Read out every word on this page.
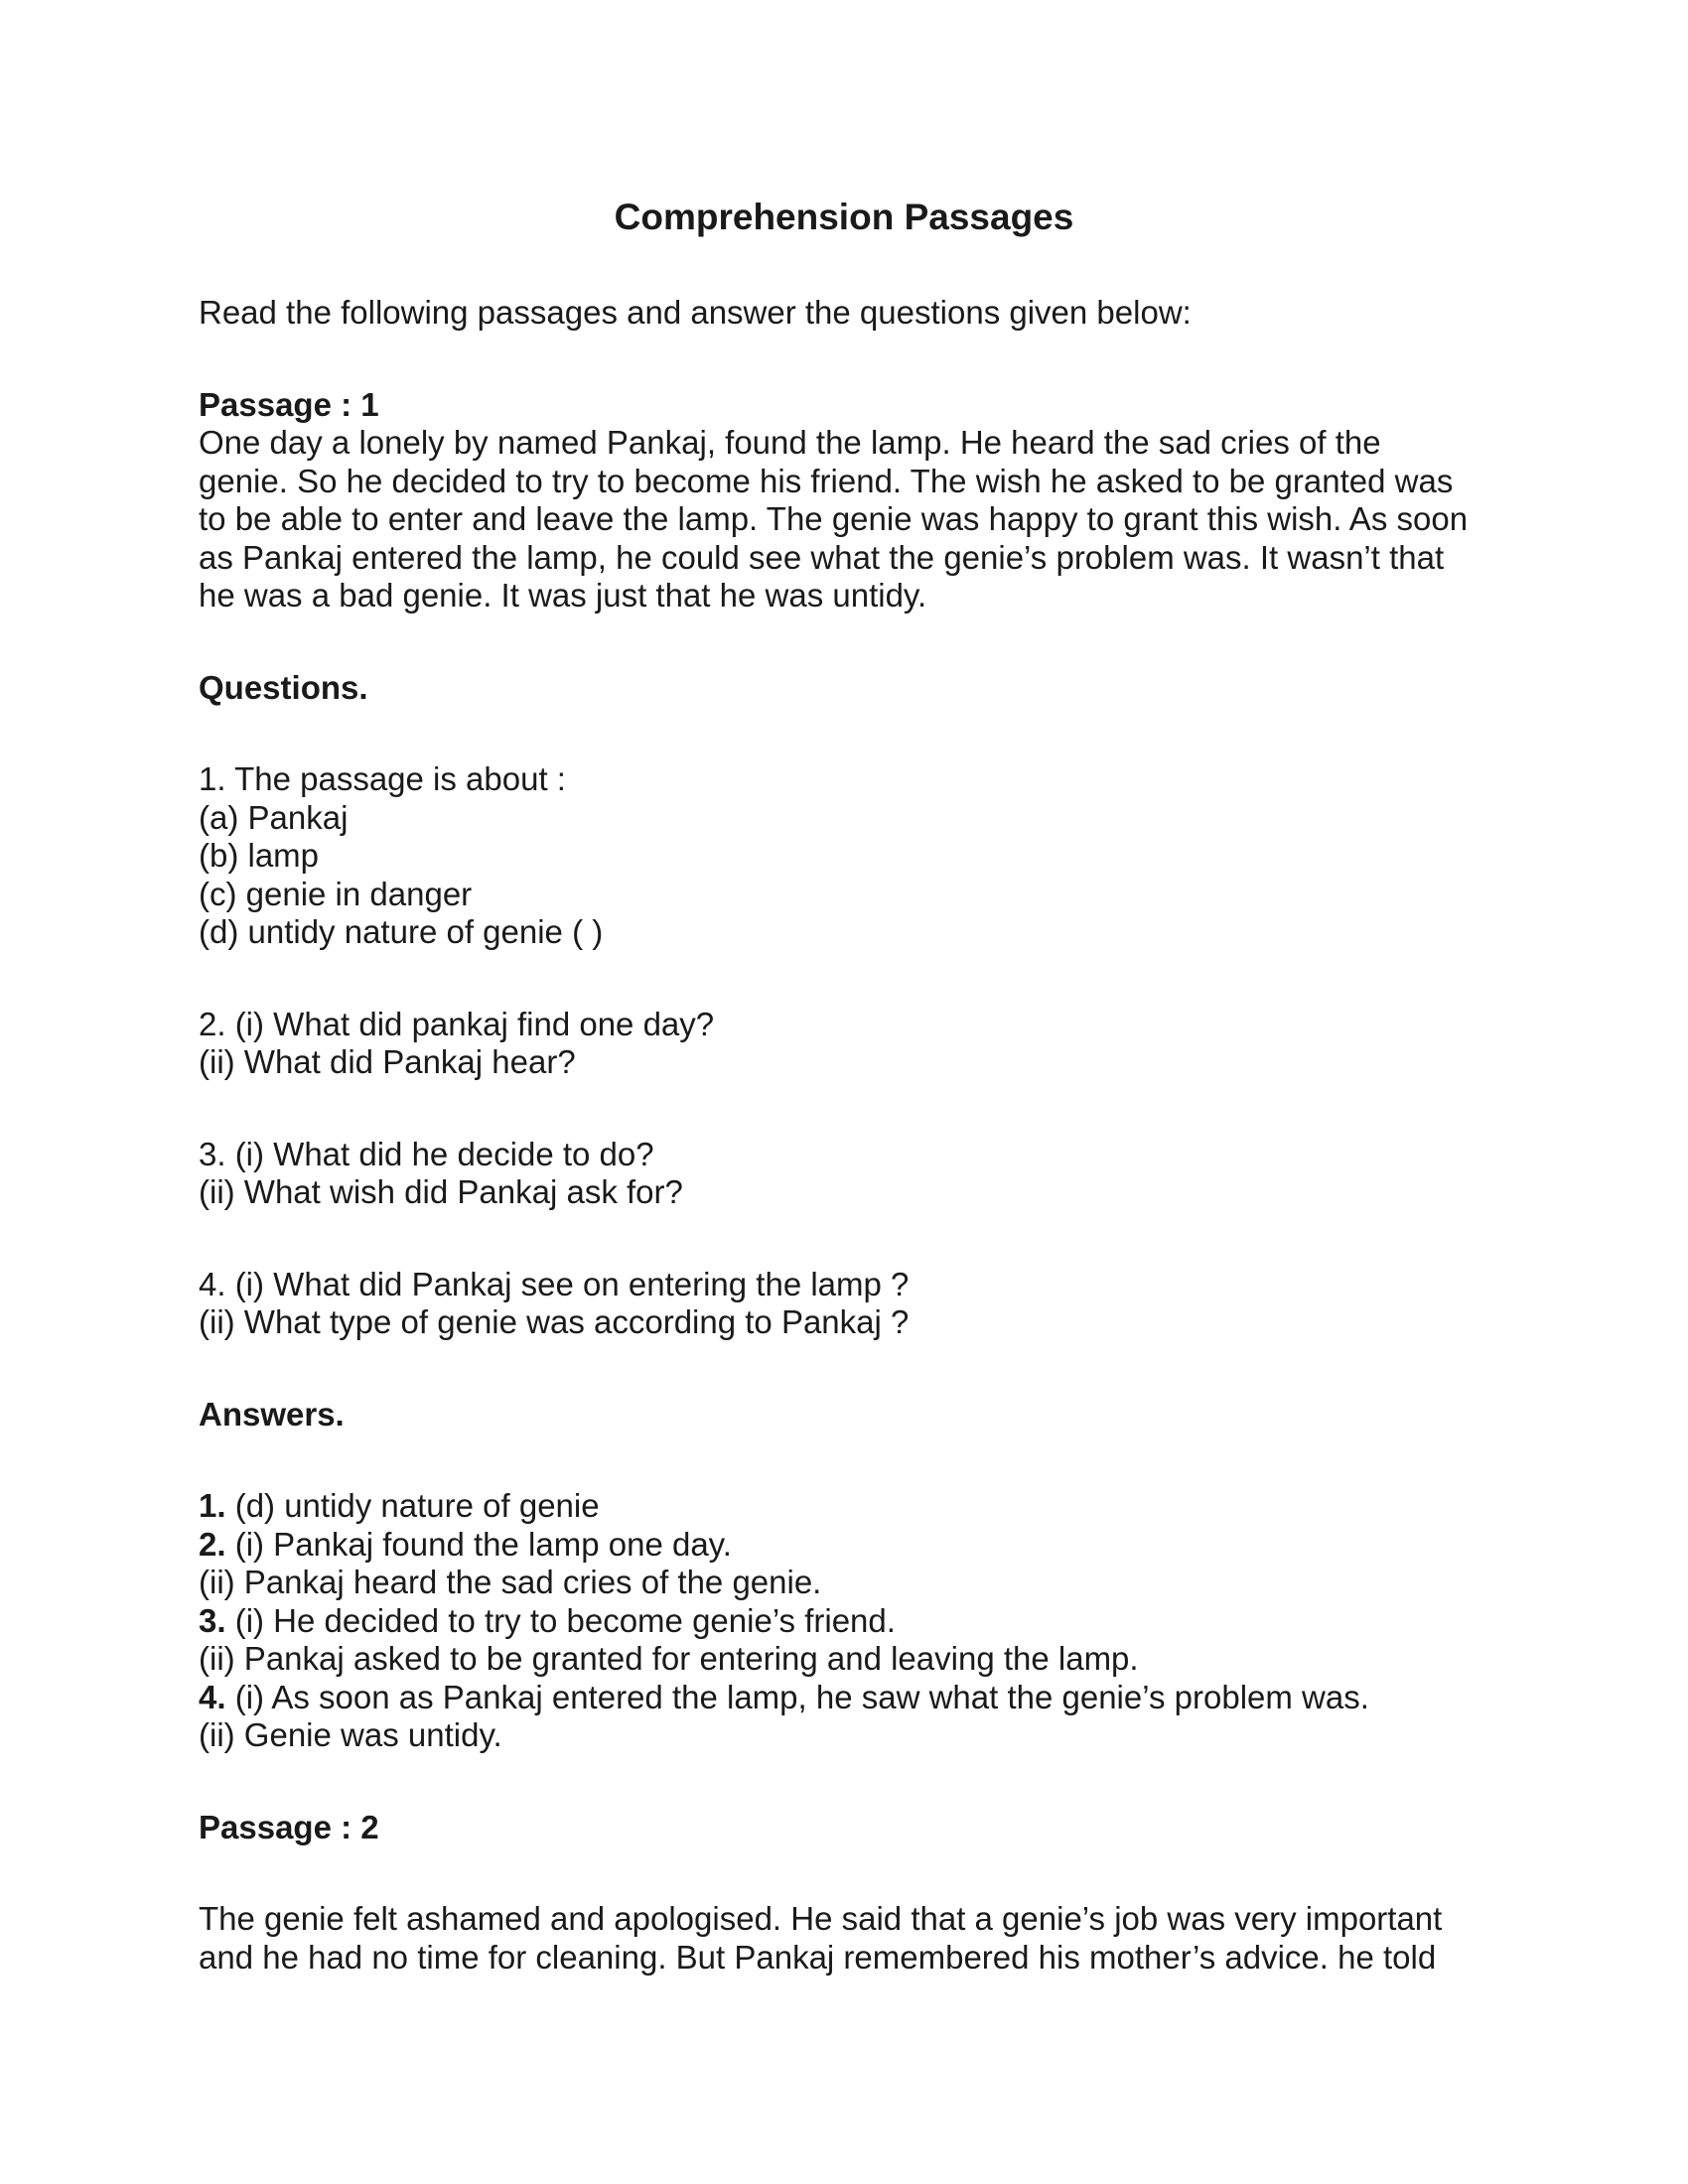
Comprehension Passages

Read the following passages and answer the questions given below:

Passage : 1

One day a lonely by named Pankaj, found the lamp. He heard the sad cries of the
genie. So he decided to try to become his friend. The wish he asked to be granted was
to be able to enter and leave the lamp. The genie was happy to grant this wish. As soon
as Pankaj entered the lamp, he could see what the genie’s problem was. It wasn’t that
he was a bad genie. It was just that he was untidy.

Questions.

1. The passage is about :
(a) Pankaj
(b) lamp
(c) genie in danger
(d) untidy nature of genie ( )

2. (i) What did pankaj find one day?
(ii) What did Pankaj hear?

3. (i) What did he decide to do?
(ii) What wish did Pankaj ask for?

4. (i) What did Pankaj see on entering the lamp ?
(ii) What type of genie was according to Pankaj ?

Answers.

1. (d) untidy nature of genie
2. (i) Pankaj found the lamp one day.
(ii) Pankaj heard the sad cries of the genie.
3. (i) He decided to try to become genie’s friend.
(ii) Pankaj asked to be granted for entering and leaving the lamp.
4. (i) As soon as Pankaj entered the lamp, he saw what the genie’s problem was.
(ii) Genie was untidy.

Passage : 2

The genie felt ashamed and apologised. He said that a genie’s job was very important
and he had no time for cleaning. But Pankaj remembered his mother’s advice. he told
